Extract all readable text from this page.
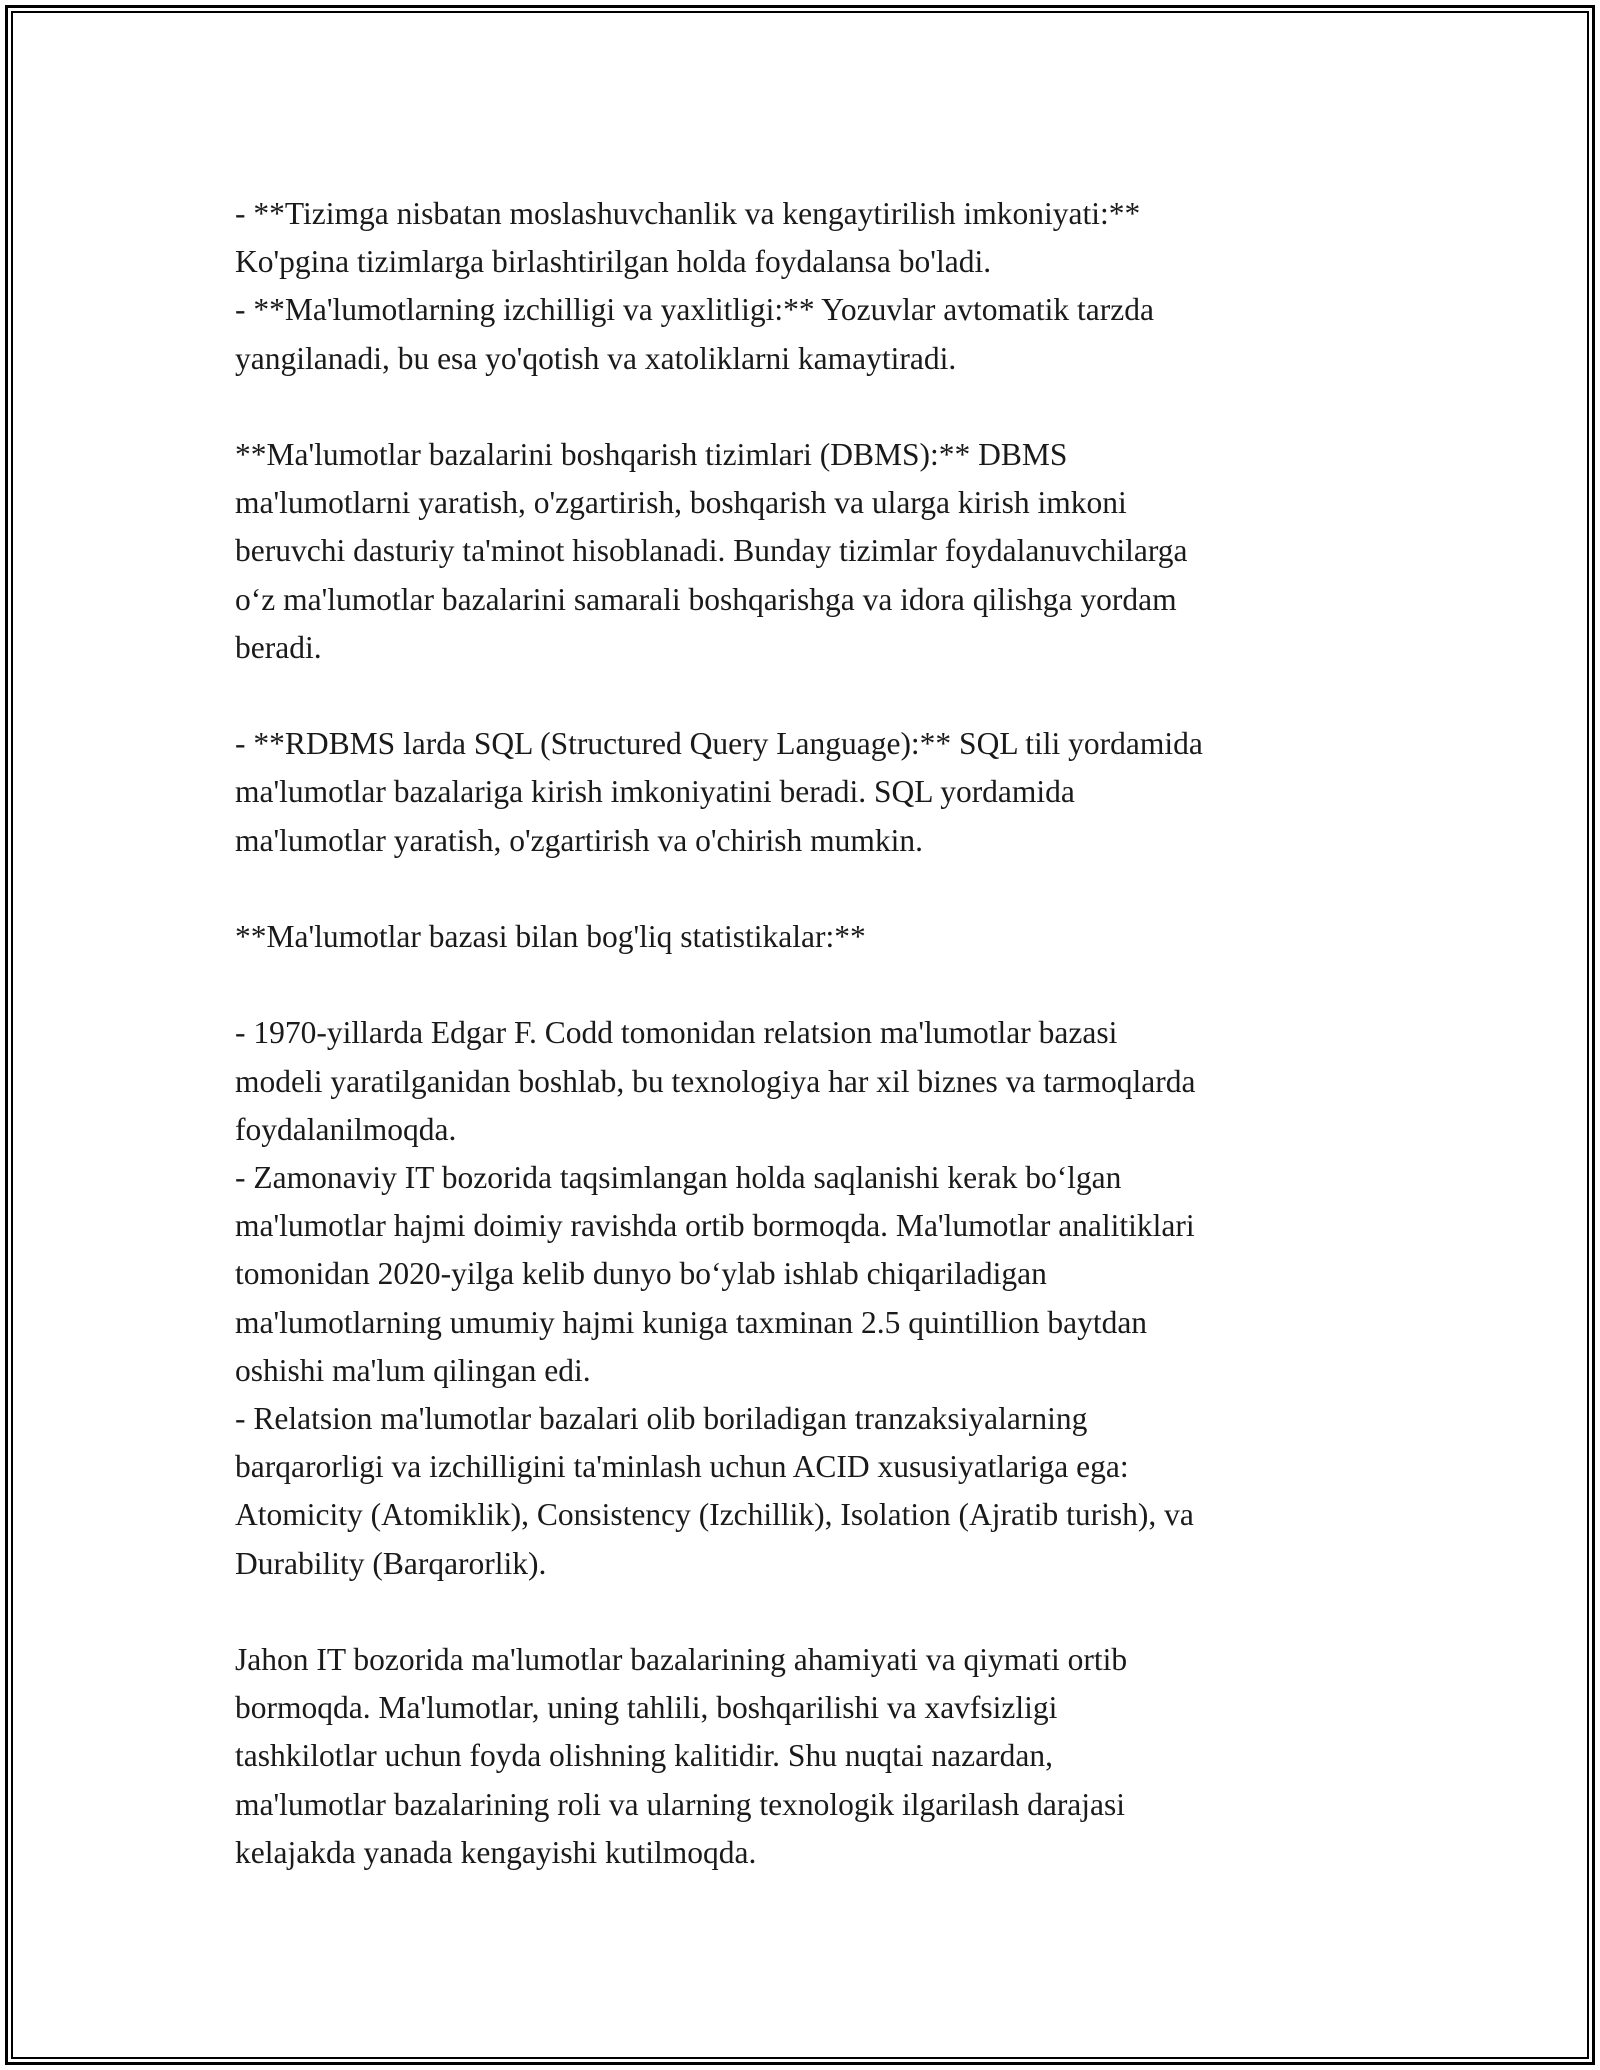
- **Tizimga nisbatan moslashuvchanlik va kengaytirilish imkoniyati:**

Ko'pgina tizimlarga birlashtirilgan holda foydalansa bo'ladi.

- **Ma'lumotlarning izchilligi va yaxlitligi:** Yozuvlar avtomatik tarzda

yangilanadi, bu esa yo'qotish va xatoliklarni kamaytiradi.

**Ma'lumotlar bazalarini boshqarish tizimlari (DBMS):** DBMS

ma'lumotlarni yaratish, o'zgartirish, boshqarish va ularga kirish imkoni

beruvchi dasturiy ta'minot hisoblanadi. Bunday tizimlar foydalanuvchilarga

o‘z ma'lumotlar bazalarini samarali boshqarishga va idora qilishga yordam

beradi.

- **RDBMS larda SQL (Structured Query Language):** SQL tili yordamida

ma'lumotlar bazalariga kirish imkoniyatini beradi. SQL yordamida

ma'lumotlar yaratish, o'zgartirish va o'chirish mumkin.

**Ma'lumotlar bazasi bilan bog'liq statistikalar:**

- 1970-yillarda Edgar F. Codd tomonidan relatsion ma'lumotlar bazasi

modeli yaratilganidan boshlab, bu texnologiya har xil biznes va tarmoqlarda

foydalanilmoqda.

- Zamonaviy IT bozorida taqsimlangan holda saqlanishi kerak bo‘lgan

ma'lumotlar hajmi doimiy ravishda ortib bormoqda. Ma'lumotlar analitiklari

tomonidan 2020-yilga kelib dunyo bo‘ylab ishlab chiqariladigan

ma'lumotlarning umumiy hajmi kuniga taxminan 2.5 quintillion baytdan

oshishi ma'lum qilingan edi.

- Relatsion ma'lumotlar bazalari olib boriladigan tranzaksiyalarning

barqarorligi va izchilligini ta'minlash uchun ACID xususiyatlariga ega:

Atomicity (Atomiklik), Consistency (Izchillik), Isolation (Ajratib turish), va

Durability (Barqarorlik).

Jahon IT bozorida ma'lumotlar bazalarining ahamiyati va qiymati ortib

bormoqda. Ma'lumotlar, uning tahlili, boshqarilishi va xavfsizligi

tashkilotlar uchun foyda olishning kalitidir. Shu nuqtai nazardan,

ma'lumotlar bazalarining roli va ularning texnologik ilgarilash darajasi

kelajakda yanada kengayishi kutilmoqda.
